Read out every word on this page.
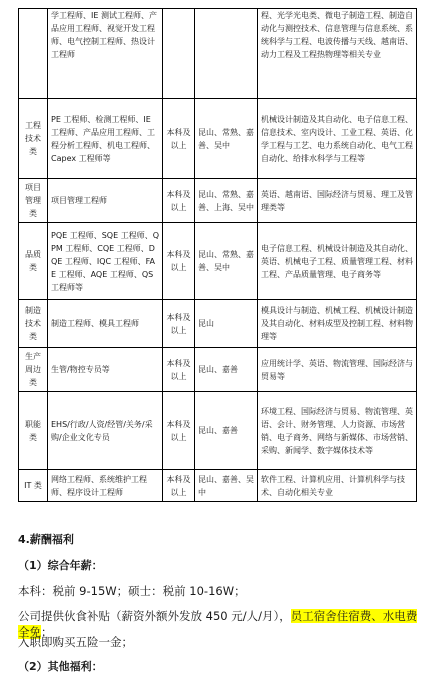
	学工程师、IE 测试工程师、产品应用工程师、视觉开发工程师、电气控制工程师、热设计工程师			程、光学光电类、微电子制造工程、制造自动化与测控技术、信息管理与信息系统、系统科学与工程、电波传播与天线、越南语、动力工程及工程热物理等相关专业
工程技术类	PE 工程师、检测工程师、IE 工程师、产品应用工程师、工程分析工程师、机电工程师、Capex 工程师等	本科及以上	昆山、常熟、嘉善、吴中	机械设计制造及其自动化、电子信息工程、信息技术、室内设计、工业工程、英语、化学工程与工艺、电力系统自动化、电气工程自动化、给排水科学与工程等
项目管理类	项目管理工程师	本科及以上	昆山、常熟、嘉善、上海、吴中	英语、越南语、国际经济与贸易、理工及管理类等
品质类	PQE 工程师、SQE 工程师、QPM 工程师、CQE 工程师、DQE 工程师、IQC 工程师、FAE 工程师、AQE 工程师、QS 工程师等	本科及以上	昆山、常熟、嘉善、吴中	电子信息工程、机械设计制造及其自动化、英语、机械电子工程、质量管理工程、材料工程、产品质量管理、电子商务等
制造技术类	制造工程师、模具工程师	本科及以上	昆山	模具设计与制造、机械工程、机械设计制造及其自动化、材料成型及控制工程、材料物理等
生产周边类	生管/物控专员等	本科及以上	昆山、嘉善	应用统计学、英语、物流管理、国际经济与贸易等
职能类	EHS/行政/人资/经管/关务/采购/企业文化专员	本科及以上	昆山、嘉善	环境工程、国际经济与贸易、物流管理、英语、会计、财务管理、人力资源、市场营销、电子商务、网络与新媒体、市场营销、采购、新闻学、数字媒体技术等
IT 类	网络工程师、系统维护工程师、程序设计工程师	本科及以上	昆山、嘉善、吴中	软件工程、计算机应用、计算机科学与技术、自动化相关专业
4.薪酬福利
（1）综合年薪：
本科：税前 9-15W；硕士：税前 10-16W；
公司提供伙食补贴（薪资外额外发放 450 元/人/月），员工宿舍住宿费、水电费全免；
入职即购买五险一金；
（2）其他福利：
